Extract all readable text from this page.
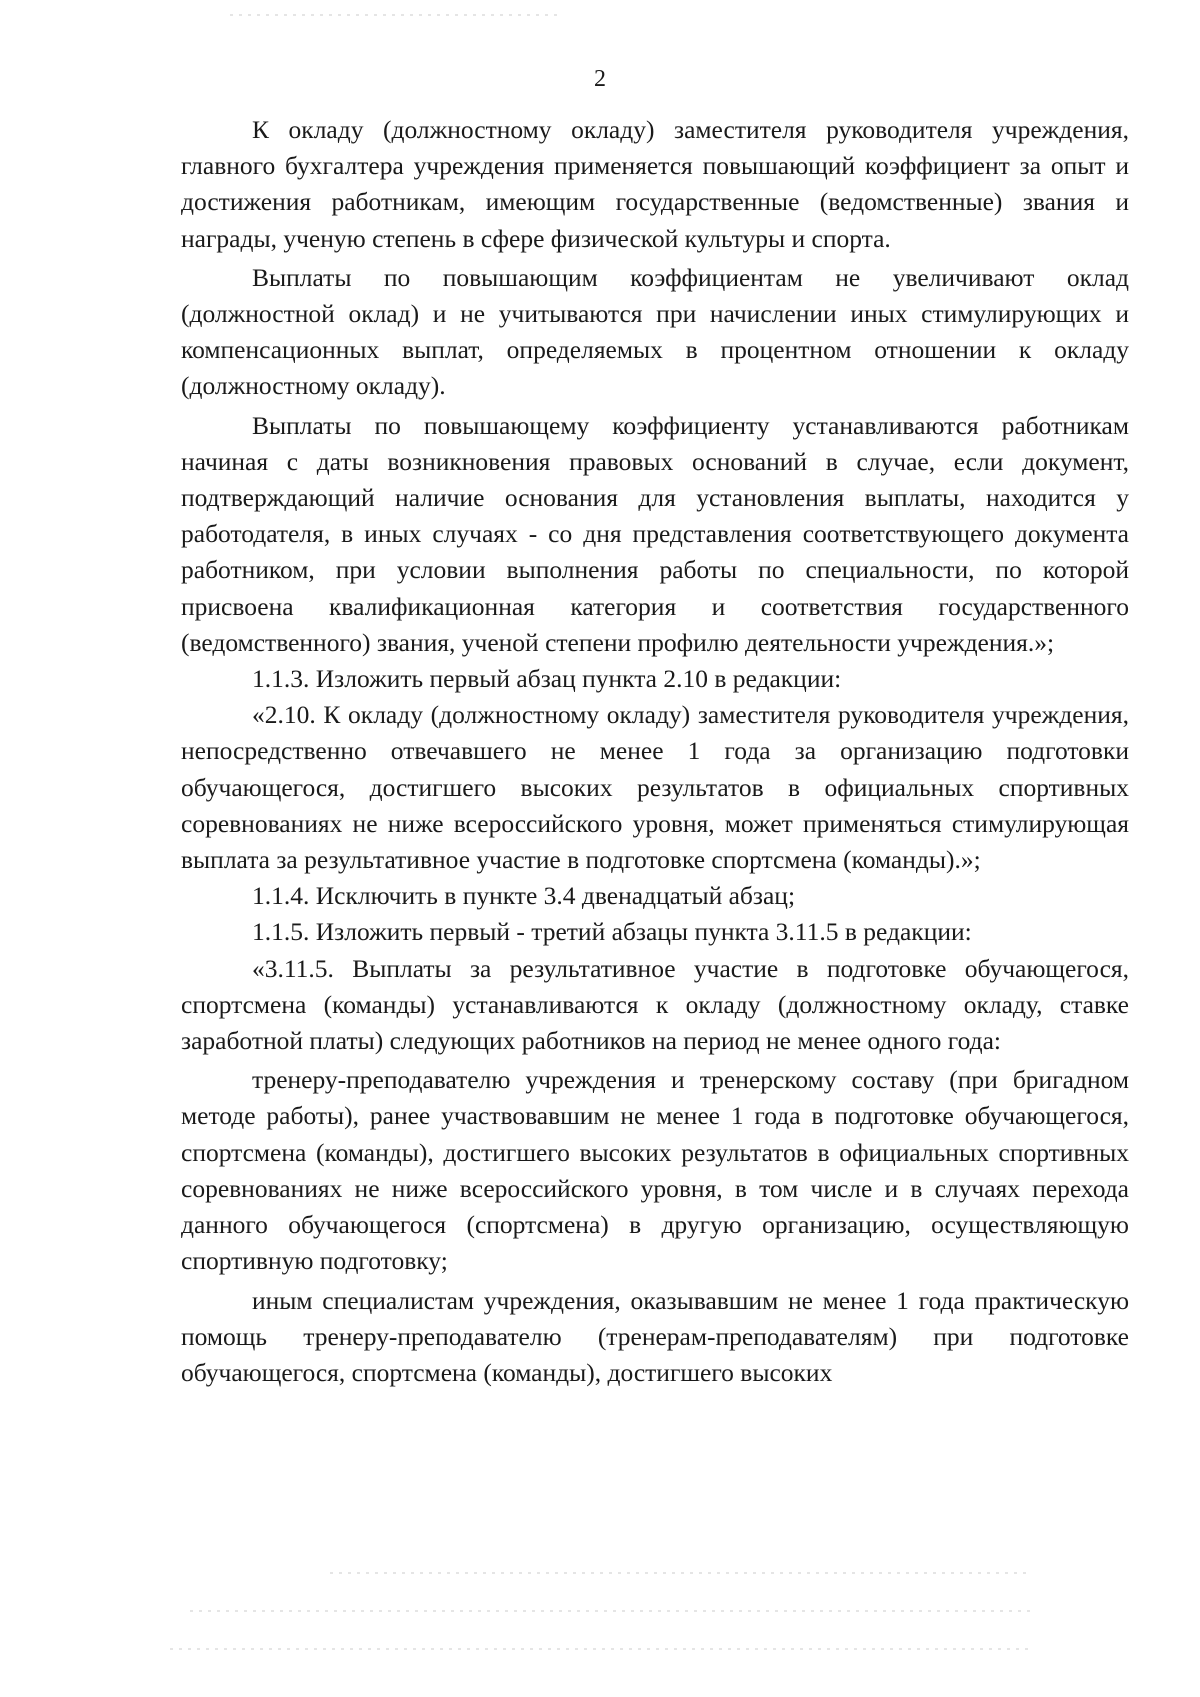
2

К окладу (должностному окладу) заместителя руководителя учреждения, главного бухгалтера учреждения применяется повышающий коэффициент за опыт и достижения работникам, имеющим государственные (ведомственные) звания и награды, ученую степень в сфере физической культуры и спорта.

Выплаты по повышающим коэффициентам не увеличивают оклад (должностной оклад) и не учитываются при начислении иных стимулирующих и компенсационных выплат, определяемых в процентном отношении к окладу (должностному окладу).

Выплаты по повышающему коэффициенту устанавливаются работникам начиная с даты возникновения правовых оснований в случае, если документ, подтверждающий наличие основания для установления выплаты, находится у работодателя, в иных случаях - со дня представления соответствующего документа работником, при условии выполнения работы по специальности, по которой присвоена квалификационная категория и соответствия государственного (ведомственного) звания, ученой степени профилю деятельности учреждения.»;

1.1.3. Изложить первый абзац пункта 2.10 в редакции:

«2.10. К окладу (должностному окладу) заместителя руководителя учреждения, непосредственно отвечавшего не менее 1 года за организацию подготовки обучающегося, достигшего высоких результатов в официальных спортивных соревнованиях не ниже всероссийского уровня, может применяться стимулирующая выплата за результативное участие в подготовке спортсмена (команды).»;

1.1.4. Исключить в пункте 3.4 двенадцатый абзац;

1.1.5. Изложить первый - третий абзацы пункта 3.11.5 в редакции:

«3.11.5. Выплаты за результативное участие в подготовке обучающегося, спортсмена (команды) устанавливаются к окладу (должностному окладу, ставке заработной платы) следующих работников на период не менее одного года:

тренеру-преподавателю учреждения и тренерскому составу (при бригадном методе работы), ранее участвовавшим не менее 1 года в подготовке обучающегося, спортсмена (команды), достигшего высоких результатов в официальных спортивных соревнованиях не ниже всероссийского уровня, в том числе и в случаях перехода данного обучающегося (спортсмена) в другую организацию, осуществляющую спортивную подготовку;

иным специалистам учреждения, оказывавшим не менее 1 года практическую помощь тренеру-преподавателю (тренерам-преподавателям) при подготовке обучающегося, спортсмена (команды), достигшего высоких
